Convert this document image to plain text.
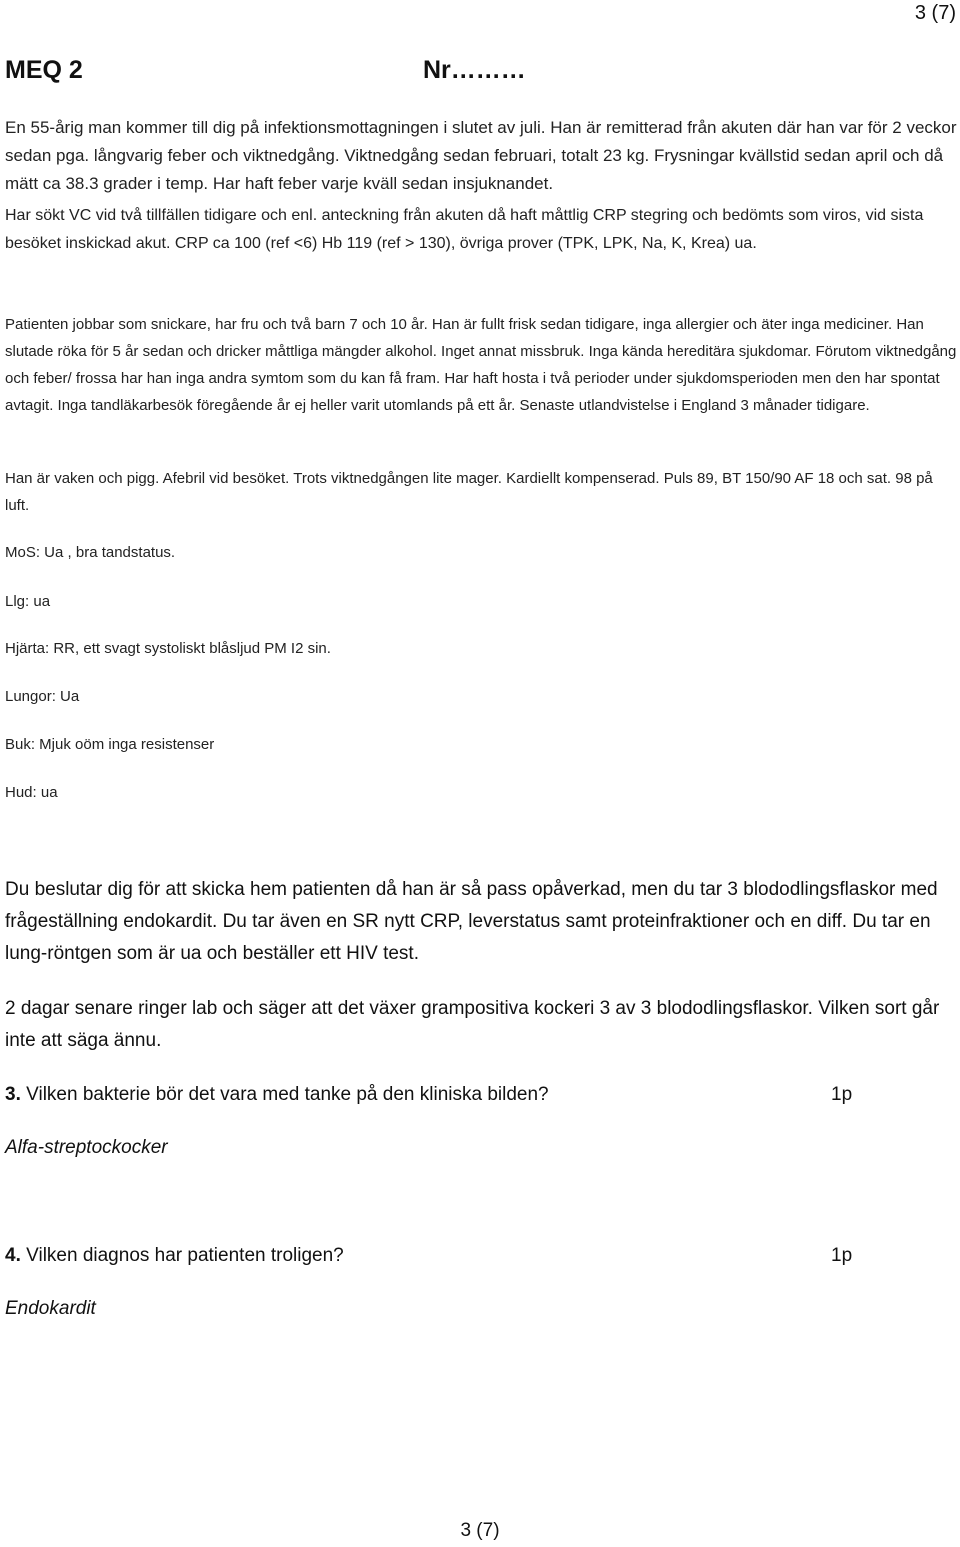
3 (7)
MEQ 2	Nr………
En 55-årig man kommer till dig på infektionsmottagningen i slutet av juli. Han är remitterad från akuten där han var för 2 veckor sedan pga. långvarig feber och viktnedgång. Viktnedgång sedan februari, totalt 23 kg. Frysningar kvällstid sedan april och då mätt ca 38.3 grader i temp. Har haft feber varje kväll sedan insjuknandet.
Har sökt VC vid två tillfällen tidigare och enl. anteckning från akuten då haft måttlig CRP stegring och bedömts som viros, vid sista besöket inskickad akut. CRP ca 100 (ref <6) Hb 119 (ref > 130), övriga prover (TPK, LPK, Na, K, Krea) ua.
Patienten jobbar som snickare, har fru och två barn 7 och 10 år. Han är fullt frisk sedan tidigare, inga allergier och äter inga mediciner. Han slutade röka för 5 år sedan och dricker måttliga mängder alkohol. Inget annat missbruk. Inga kända hereditära sjukdomar. Förutom viktnedgång och feber/ frossa har han inga andra symtom som du kan få fram. Har haft hosta i två perioder under sjukdomsperioden men den har spontat avtagit. Inga tandläkarbesök föregående år ej heller varit utomlands på ett år. Senaste utlandvistelse i England 3 månader tidigare.
Han är vaken och pigg. Afebril vid besöket. Trots viktnedgången lite mager. Kardiellt kompenserad. Puls 89, BT 150/90 AF 18 och sat. 98 på luft.
MoS: Ua , bra tandstatus.
Llg: ua
Hjärta: RR, ett svagt systoliskt blåsljud PM I2 sin.
Lungor: Ua
Buk: Mjuk oöm inga resistenser
Hud: ua
Du beslutar dig för att skicka hem patienten då han är så pass opåverkad, men du tar 3 blododlingsflaskor med frågeställning endokardit. Du tar även en SR nytt CRP, leverstatus samt proteinfraktioner och en diff. Du tar en lung-röntgen som är ua och beställer ett HIV test.
2 dagar senare ringer lab och säger att det växer grampositiva kockeri 3 av 3 blododlingsflaskor. Vilken sort går inte att säga ännu.
3. Vilken bakterie bör det vara med tanke på den kliniska bilden?	1p
Alfa-streptockocker
4. Vilken diagnos har patienten troligen?	1p
Endokardit
3 (7)
